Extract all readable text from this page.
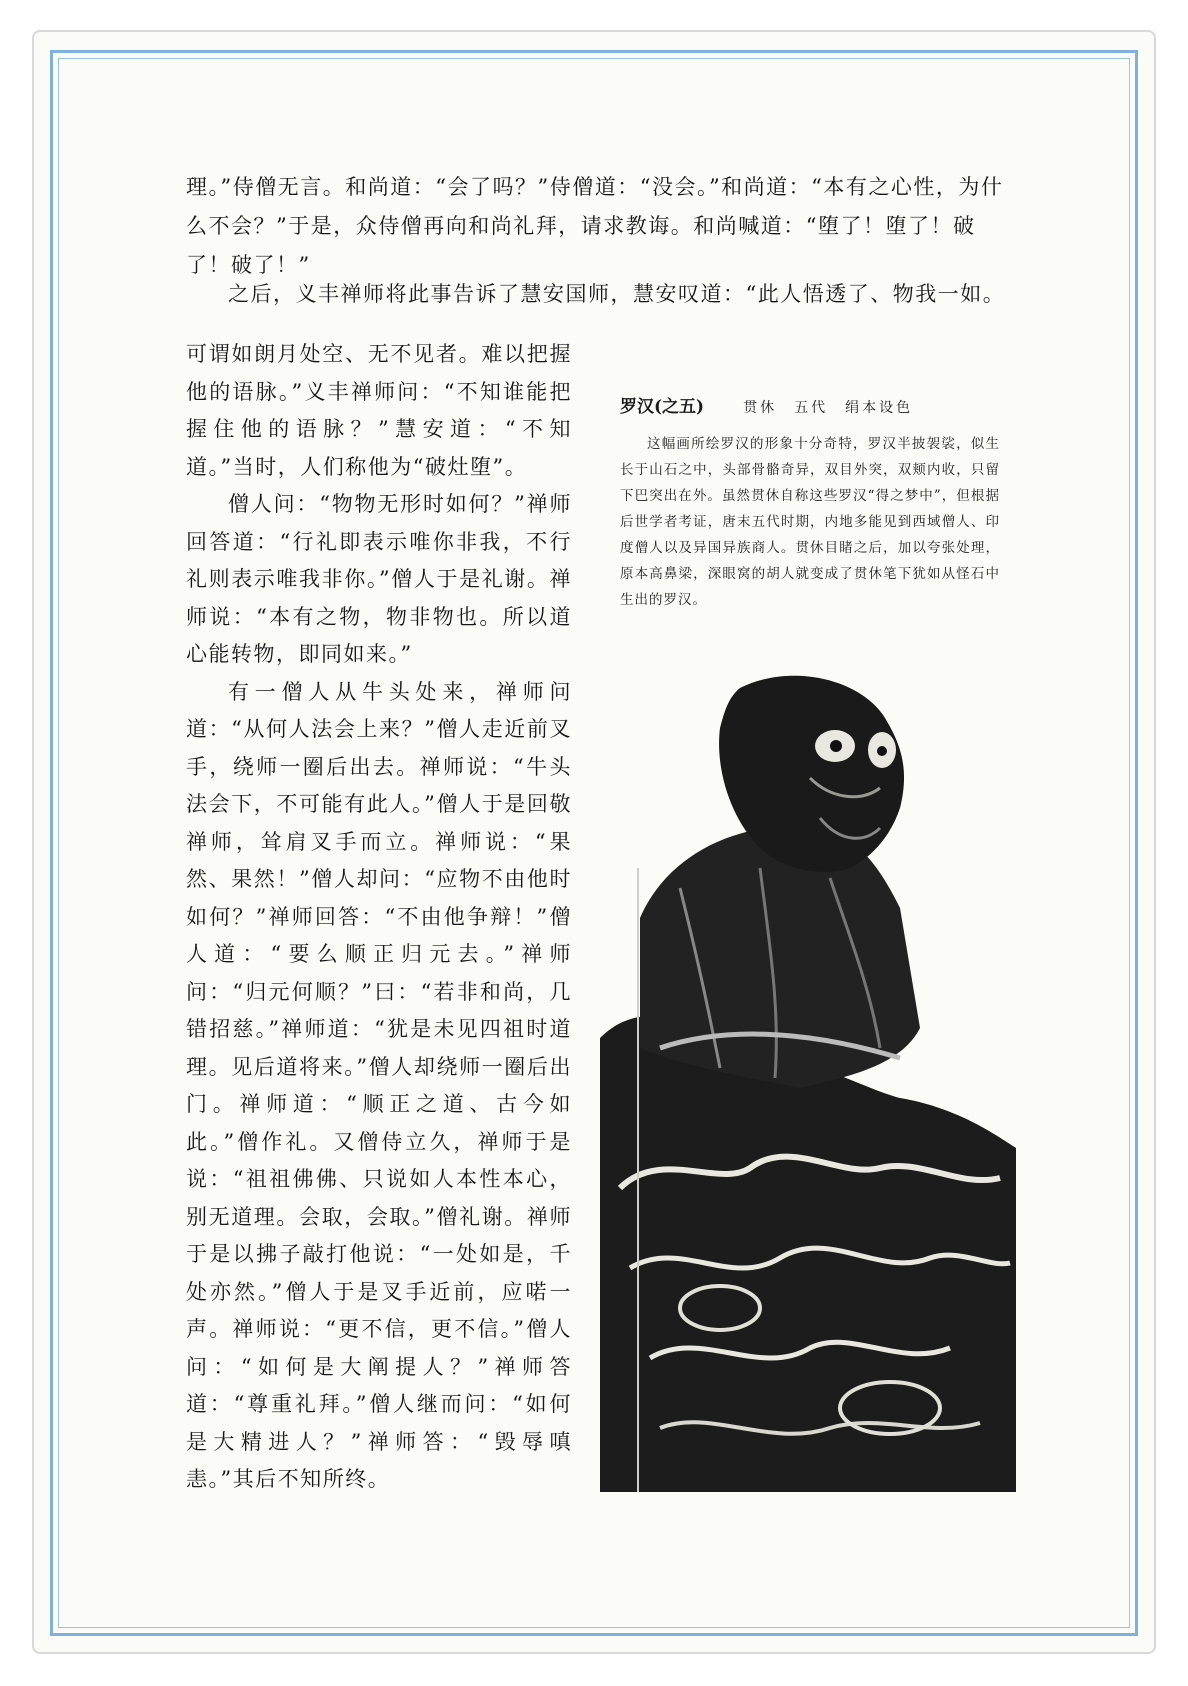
理。”侍僧无言。和尚道：“会了吗？”侍僧道：“没会。”和尚道：“本有之心性，为什么不会？”于是，众侍僧再向和尚礼拜，请求教诲。和尚喊道：“堕了！堕了！破了！破了！”

之后，义丰禅师将此事告诉了慧安国师，慧安叹道：“此人悟透了、物我一如。

可谓如朗月处空、无不见者。难以把握他的语脉。”义丰禅师问：“不知谁能把握住他的语脉？”慧安道：“不知道。”当时，人们称他为“破灶堕”。

僧人问：“物物无形时如何？”禅师回答道：“行礼即表示唯你非我，不行礼则表示唯我非你。”僧人于是礼谢。禅师说：“本有之物，物非物也。所以道心能转物，即同如来。”

有一僧人从牛头处来，禅师问道：“从何人法会上来？”僧人走近前叉手，绕师一圈后出去。禅师说：“牛头法会下，不可能有此人。”僧人于是回敬禅师，耸肩叉手而立。禅师说：“果然、果然！”僧人却问：“应物不由他时如何？”禅师回答：“不由他争辩！”僧人道：“要么顺正归元去。”禅师问：“归元何顺？”曰：“若非和尚，几错招慈。”禅师道：“犹是未见四祖时道理。见后道将来。”僧人却绕师一圈后出门。禅师道：“顺正之道、古今如此。”僧作礼。又僧侍立久，禅师于是说：“祖祖佛佛、只说如人本性本心，别无道理。会取，会取。”僧礼谢。禅师于是以拂子敲打他说：“一处如是，千处亦然。”僧人于是叉手近前，应喏一声。禅师说：“更不信，更不信。”僧人问：“如何是大阐提人？”禅师答道：“尊重礼拜。”僧人继而问：“如何是大精进人？”禅师答：“毁辱嗔恚。”其后不知所终。

罗汉(之五)	贯休　五代　绢本设色
这幅画所绘罗汉的形象十分奇特，罗汉半披袈裟，似生长于山石之中，头部骨骼奇异，双目外突，双颊内收，只留下巴突出在外。虽然贯休自称这些罗汉“得之梦中”，但根据后世学者考证，唐末五代时期，内地多能见到西域僧人、印度僧人以及异国异族商人。贯休目睹之后，加以夸张处理，原本高鼻梁，深眼窝的胡人就变成了贯休笔下犹如从怪石中生出的罗汉。
